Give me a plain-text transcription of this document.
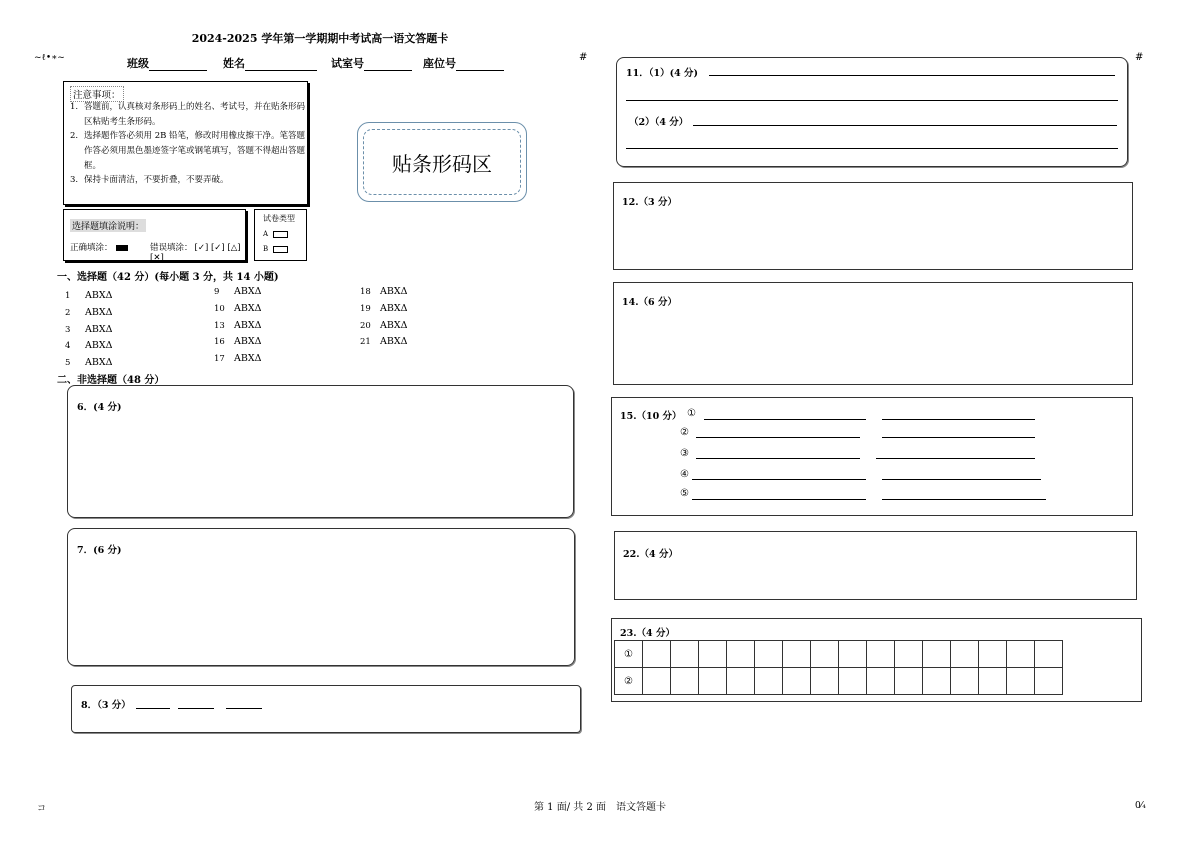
2024-2025 学年第一学期期中考试高一语文答题卡
~ℓ•∗~	#	#
班级	姓名	试室号	座位号
注意事项：
1. 答题前，认真核对条形码上的姓名、考试号，并在贴条形码区粘贴考生条形码。
2. 选择题作答必须用 2B 铅笔，修改时用橡皮擦干净。笔答题作答必须用黑色墨迹签字笔或钢笔填写，答题不得超出答题框。
3. 保持卡面清洁，不要折叠，不要弄破。
贴条形码区
选择题填涂说明：
正确填涂：	错误填涂： [✓] [✓] [△] [✕]
试卷类型
A
B
一、选择题（42 分）(每小题 3 分，共 14 小题)
1 ABXΔ
2 ABXΔ
3 ABXΔ
4 ABXΔ
5 ABXΔ
9 ABXΔ
10 ABXΔ
13 ABXΔ
16 ABXΔ
17 ABXΔ
18 ABXΔ
19 ABXΔ
20 ABXΔ
21 ABXΔ
二、非选择题（48 分）
6．(4 分)
7．(6 分)
8．（3 分）
11．（1）(4 分)
（2）（4 分）
12.（3 分）
14.（6 分）
15.（10 分） ①
②
③
④
⑤
22.（4 分）
23.（4 分）
①															
②															
第 1 面/ 共 2 面　语文答题卡
コ	0⁄₄
